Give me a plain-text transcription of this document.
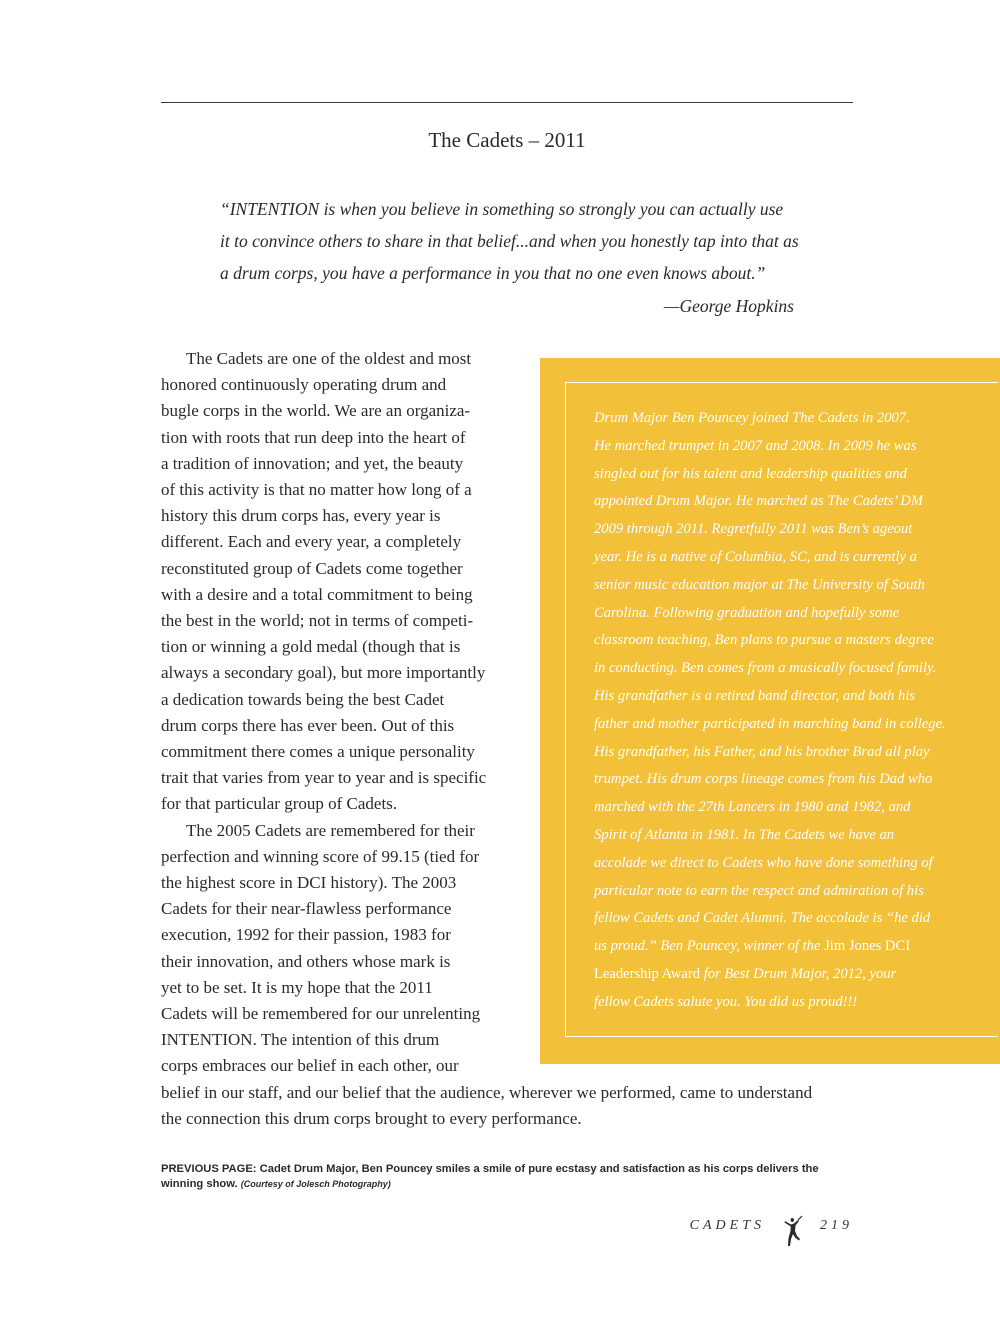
The Cadets – 2011
“INTENTION is when you believe in something so strongly you can actually use
it to convince others to share in that belief...and when you honestly tap into that as
a drum corps, you have a performance in you that no one even knows about.”
—George Hopkins
Drum Major Ben Pouncey joined The Cadets in 2007.
He marched trumpet in 2007 and 2008. In 2009 he was
singled out for his talent and leadership qualities and
appointed Drum Major. He marched as The Cadets’ DM
2009 through 2011. Regretfully 2011 was Ben’s ageout
year. He is a native of Columbia, SC, and is currently a
senior music education major at The University of South
Carolina. Following graduation and hopefully some
classroom teaching, Ben plans to pursue a masters degree
in conducting. Ben comes from a musically focused family.
His grandfather is a retired band director, and both his
father and mother participated in marching band in college.
His grandfather, his Father, and his brother Brad all play
trumpet. His drum corps lineage comes from his Dad who
marched with the 27th Lancers in 1980 and 1982, and
Spirit of Atlanta in 1981. In The Cadets we have an
accolade we direct to Cadets who have done something of
particular note to earn the respect and admiration of his
fellow Cadets and Cadet Alumni. The accolade is “he did
us proud.” Ben Pouncey, winner of the Jim Jones DCI
Leadership Award for Best Drum Major, 2012, your
fellow Cadets salute you. You did us proud!!!
The Cadets are one of the oldest and most
honored continuously operating drum and
bugle corps in the world. We are an organiza-
tion with roots that run deep into the heart of
a tradition of innovation; and yet, the beauty
of this activity is that no matter how long of a
history this drum corps has, every year is
different. Each and every year, a completely
reconstituted group of Cadets come together
with a desire and a total commitment to being
the best in the world; not in terms of competi-
tion or winning a gold medal (though that is
always a secondary goal), but more importantly
a dedication towards being the best Cadet
drum corps there has ever been. Out of this
commitment there comes a unique personality
trait that varies from year to year and is specific
for that particular group of Cadets.
The 2005 Cadets are remembered for their
perfection and winning score of 99.15 (tied for
the highest score in DCI history). The 2003
Cadets for their near-flawless performance
execution, 1992 for their passion, 1983 for
their innovation, and others whose mark is
yet to be set. It is my hope that the 2011
Cadets will be remembered for our unrelenting
INTENTION. The intention of this drum
corps embraces our belief in each other, our
belief in our staff, and our belief that the audience, wherever we performed, came to understand
the connection this drum corps brought to every performance.
PREVIOUS PAGE: Cadet Drum Major, Ben Pouncey smiles a smile of pure ecstasy and satisfaction as his corps delivers the winning show. (Courtesy of Jolesch Photography)
CADETS	219
